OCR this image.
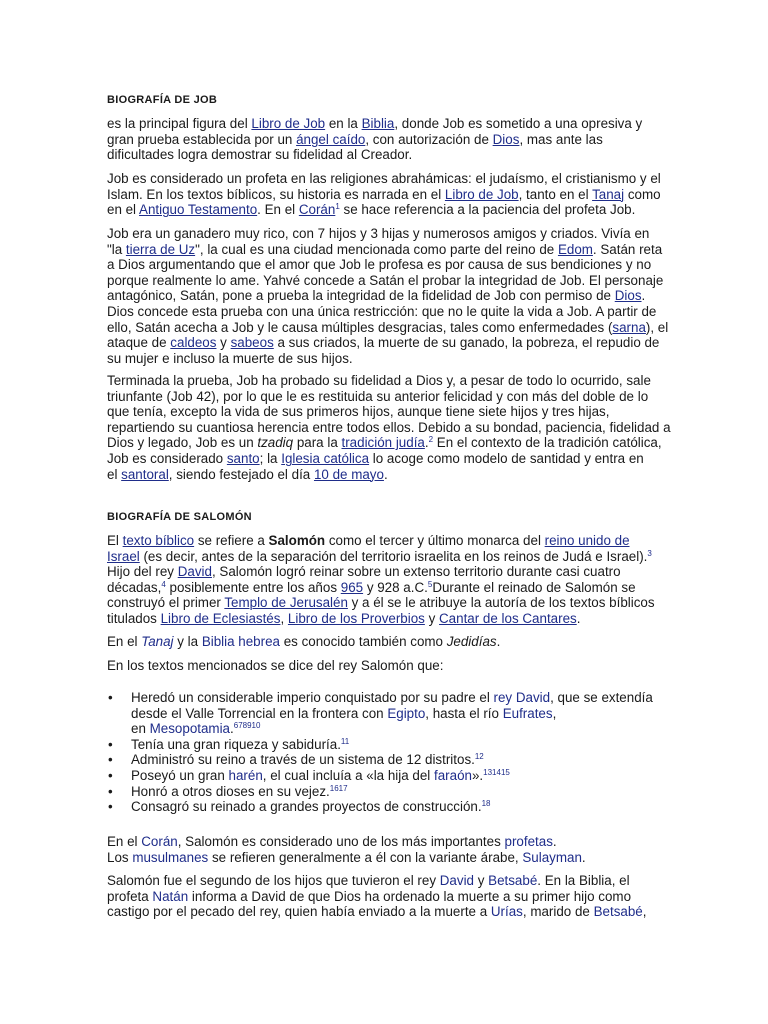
BIOGRAFÍA DE JOB

es la principal figura del Libro de Job en la Biblia, donde Job es sometido a una opresiva y
gran prueba establecida por un ángel caído, con autorización de Dios, mas ante las
dificultades logra demostrar su fidelidad al Creador.

Job es considerado un profeta en las religiones abrahámicas: el judaísmo, el cristianismo y el
Islam. En los textos bíblicos, su historia es narrada en el Libro de Job, tanto en el Tanaj como
en el Antiguo Testamento. En el Corán$^1$ se hace referencia a la paciencia del profeta Job.

Job era un ganadero muy rico, con 7 hijos y 3 hijas y numerosos amigos y criados. Vivía en
"la tierra de Uz", la cual es una ciudad mencionada como parte del reino de Edom. Satán reta
a Dios argumentando que el amor que Job le profesa es por causa de sus bendiciones y no
porque realmente lo ame. Yahvé concede a Satán el probar la integridad de Job. El personaje
antagónico, Satán, pone a prueba la integridad de la fidelidad de Job con permiso de Dios.
Dios concede esta prueba con una única restricción: que no le quite la vida a Job. A partir de
ello, Satán acecha a Job y le causa múltiples desgracias, tales como enfermedades (sarna), el
ataque de caldeos y sabeos a sus criados, la muerte de su ganado, la pobreza, el repudio de
su mujer e incluso la muerte de sus hijos.

Terminada la prueba, Job ha probado su fidelidad a Dios y, a pesar de todo lo ocurrido, sale
triunfante (Job 42), por lo que le es restituida su anterior felicidad y con más del doble de lo
que tenía, excepto la vida de sus primeros hijos, aunque tiene siete hijos y tres hijas,
repartiendo su cuantiosa herencia entre todos ellos. Debido a su bondad, paciencia, fidelidad a
Dios y legado, Job es un tzadiq para la tradición judía.$^2$ En el contexto de la tradición católica,
Job es considerado santo; la Iglesia católica lo acoge como modelo de santidad y entra en
el santoral, siendo festejado el día 10 de mayo.

BIOGRAFÍA DE SALOMÓN

El texto bíblico se refiere a Salomón como el tercer y último monarca del reino unido de
Israel (es decir, antes de la separación del territorio israelita en los reinos de Judá e Israel).$^3$
Hijo del rey David, Salomón logró reinar sobre un extenso territorio durante casi cuatro
décadas,$^4$ posiblemente entre los años 965 y 928 a.C.$^5$Durante el reinado de Salomón se
construyó el primer Templo de Jerusalén y a él se le atribuye la autoría de los textos bíblicos
titulados Libro de Eclesiastés, Libro de los Proverbios y Cantar de los Cantares.

En el Tanaj y la Biblia hebrea es conocido también como Jedidías.

En los textos mencionados se dice del rey Salomón que:

• Heredó un considerable imperio conquistado por su padre el rey David, que se extendía
desde el Valle Torrencial en la frontera con Egipto, hasta el río Eufrates,
en Mesopotamia.$^{678910}$
• Tenía una gran riqueza y sabiduría.$^{11}$
• Administró su reino a través de un sistema de 12 distritos.$^{12}$
• Poseyó un gran harén, el cual incluía a «la hija del faraón».$^{131415}$
• Honró a otros dioses en su vejez.$^{1617}$
• Consagró su reinado a grandes proyectos de construcción.$^{18}$

En el Corán, Salomón es considerado uno de los más importantes profetas.
Los musulmanes se refieren generalmente a él con la variante árabe, Sulayman.

Salomón fue el segundo de los hijos que tuvieron el rey David y Betsabé. En la Biblia, el
profeta Natán informa a David de que Dios ha ordenado la muerte a su primer hijo como
castigo por el pecado del rey, quien había enviado a la muerte a Urías, marido de Betsabé,
